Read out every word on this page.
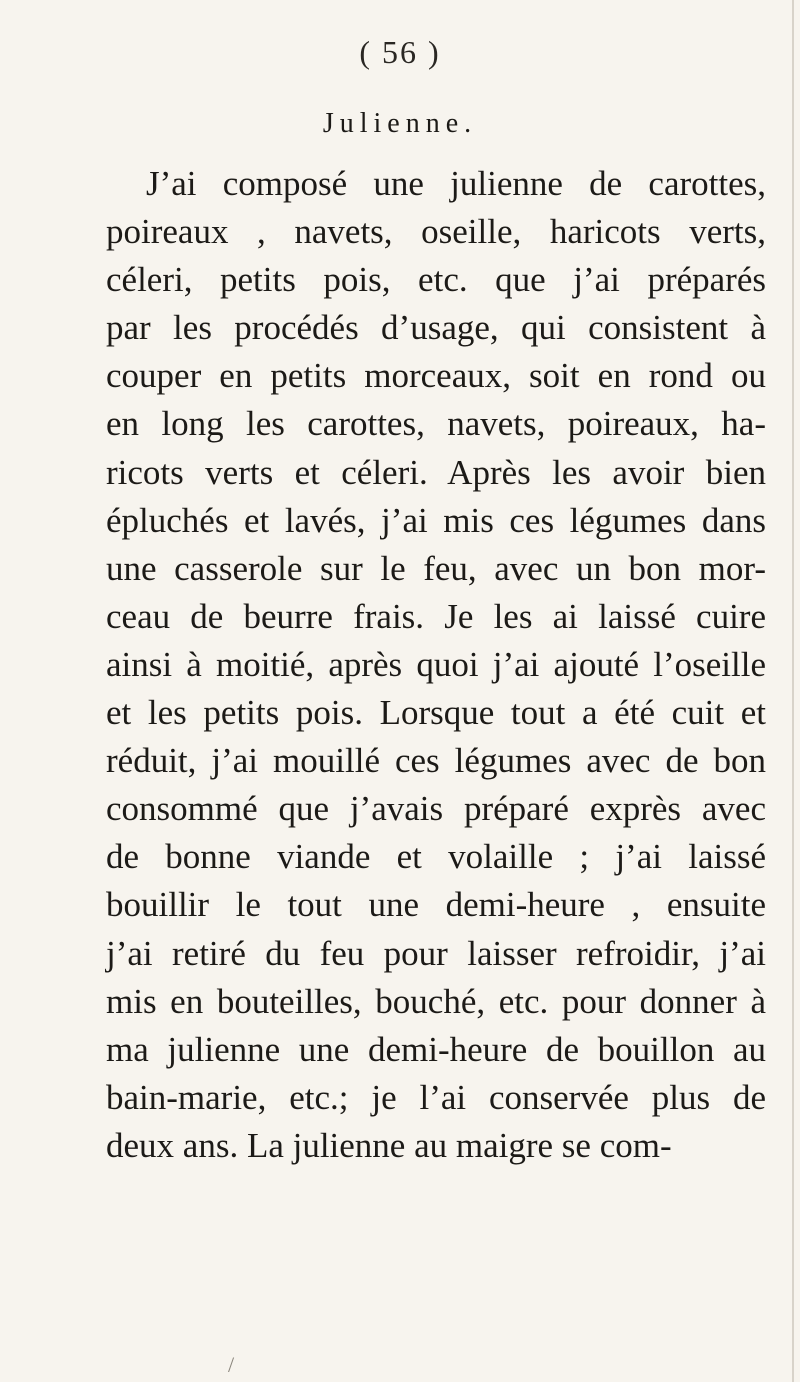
( 56 )
Julienne.
J’ai composé une julienne de carottes,
poireaux , navets, oseille, haricots verts,
céleri, petits pois, etc. que j’ai préparés
par les procédés d’usage, qui consistent à
couper en petits morceaux, soit en rond ou
en long les carottes, navets, poireaux, ha-
ricots verts et céleri. Après les avoir bien
épluchés et lavés, j’ai mis ces légumes dans
une casserole sur le feu, avec un bon mor-
ceau de beurre frais. Je les ai laissé cuire
ainsi à moitié, après quoi j’ai ajouté l’oseille
et les petits pois. Lorsque tout a été cuit et
réduit, j’ai mouillé ces légumes avec de bon
consommé que j’avais préparé exprès avec
de bonne viande et volaille ; j’ai laissé
bouillir le tout une demi-heure , ensuite
j’ai retiré du feu pour laisser refroidir, j’ai
mis en bouteilles, bouché, etc. pour donner à
ma julienne une demi-heure de bouillon au
bain-marie, etc.; je l’ai conservée plus de
deux ans. La julienne au maigre se com-
/
